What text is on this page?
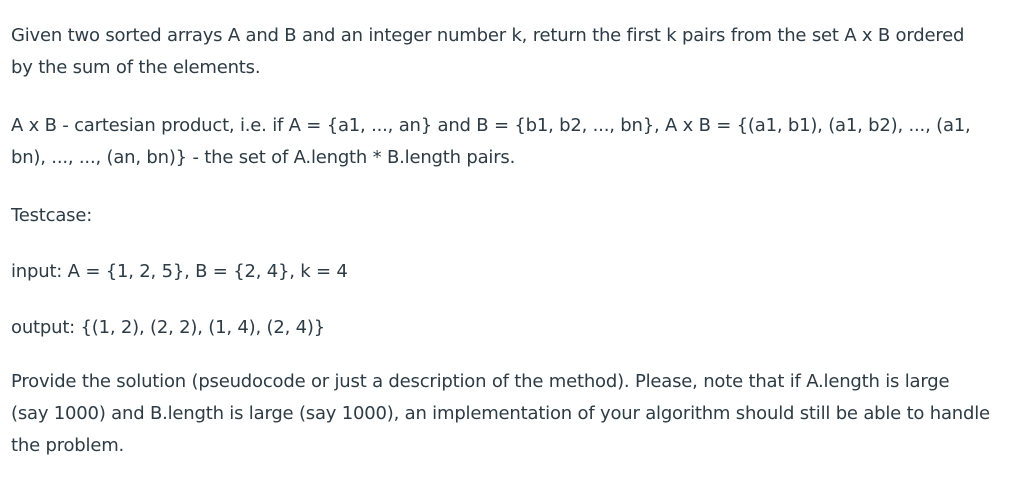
Given two sorted arrays A and B and an integer number k, return the first k pairs from the set A x B ordered by the sum of the elements.

A x B - cartesian product, i.e. if A = {a1, ..., an} and B = {b1, b2, ..., bn}, A x B = {(a1, b1), (a1, b2), ..., (a1, bn), ..., ..., (an, bn)} - the set of A.length * B.length pairs.

Testcase:

input: A = {1, 2, 5}, B = {2, 4}, k = 4

output: {(1, 2), (2, 2), (1, 4), (2, 4)}

Provide the solution (pseudocode or just a description of the method). Please, note that if A.length is large (say 1000) and B.length is large (say 1000), an implementation of your algorithm should still be able to handle the problem.
